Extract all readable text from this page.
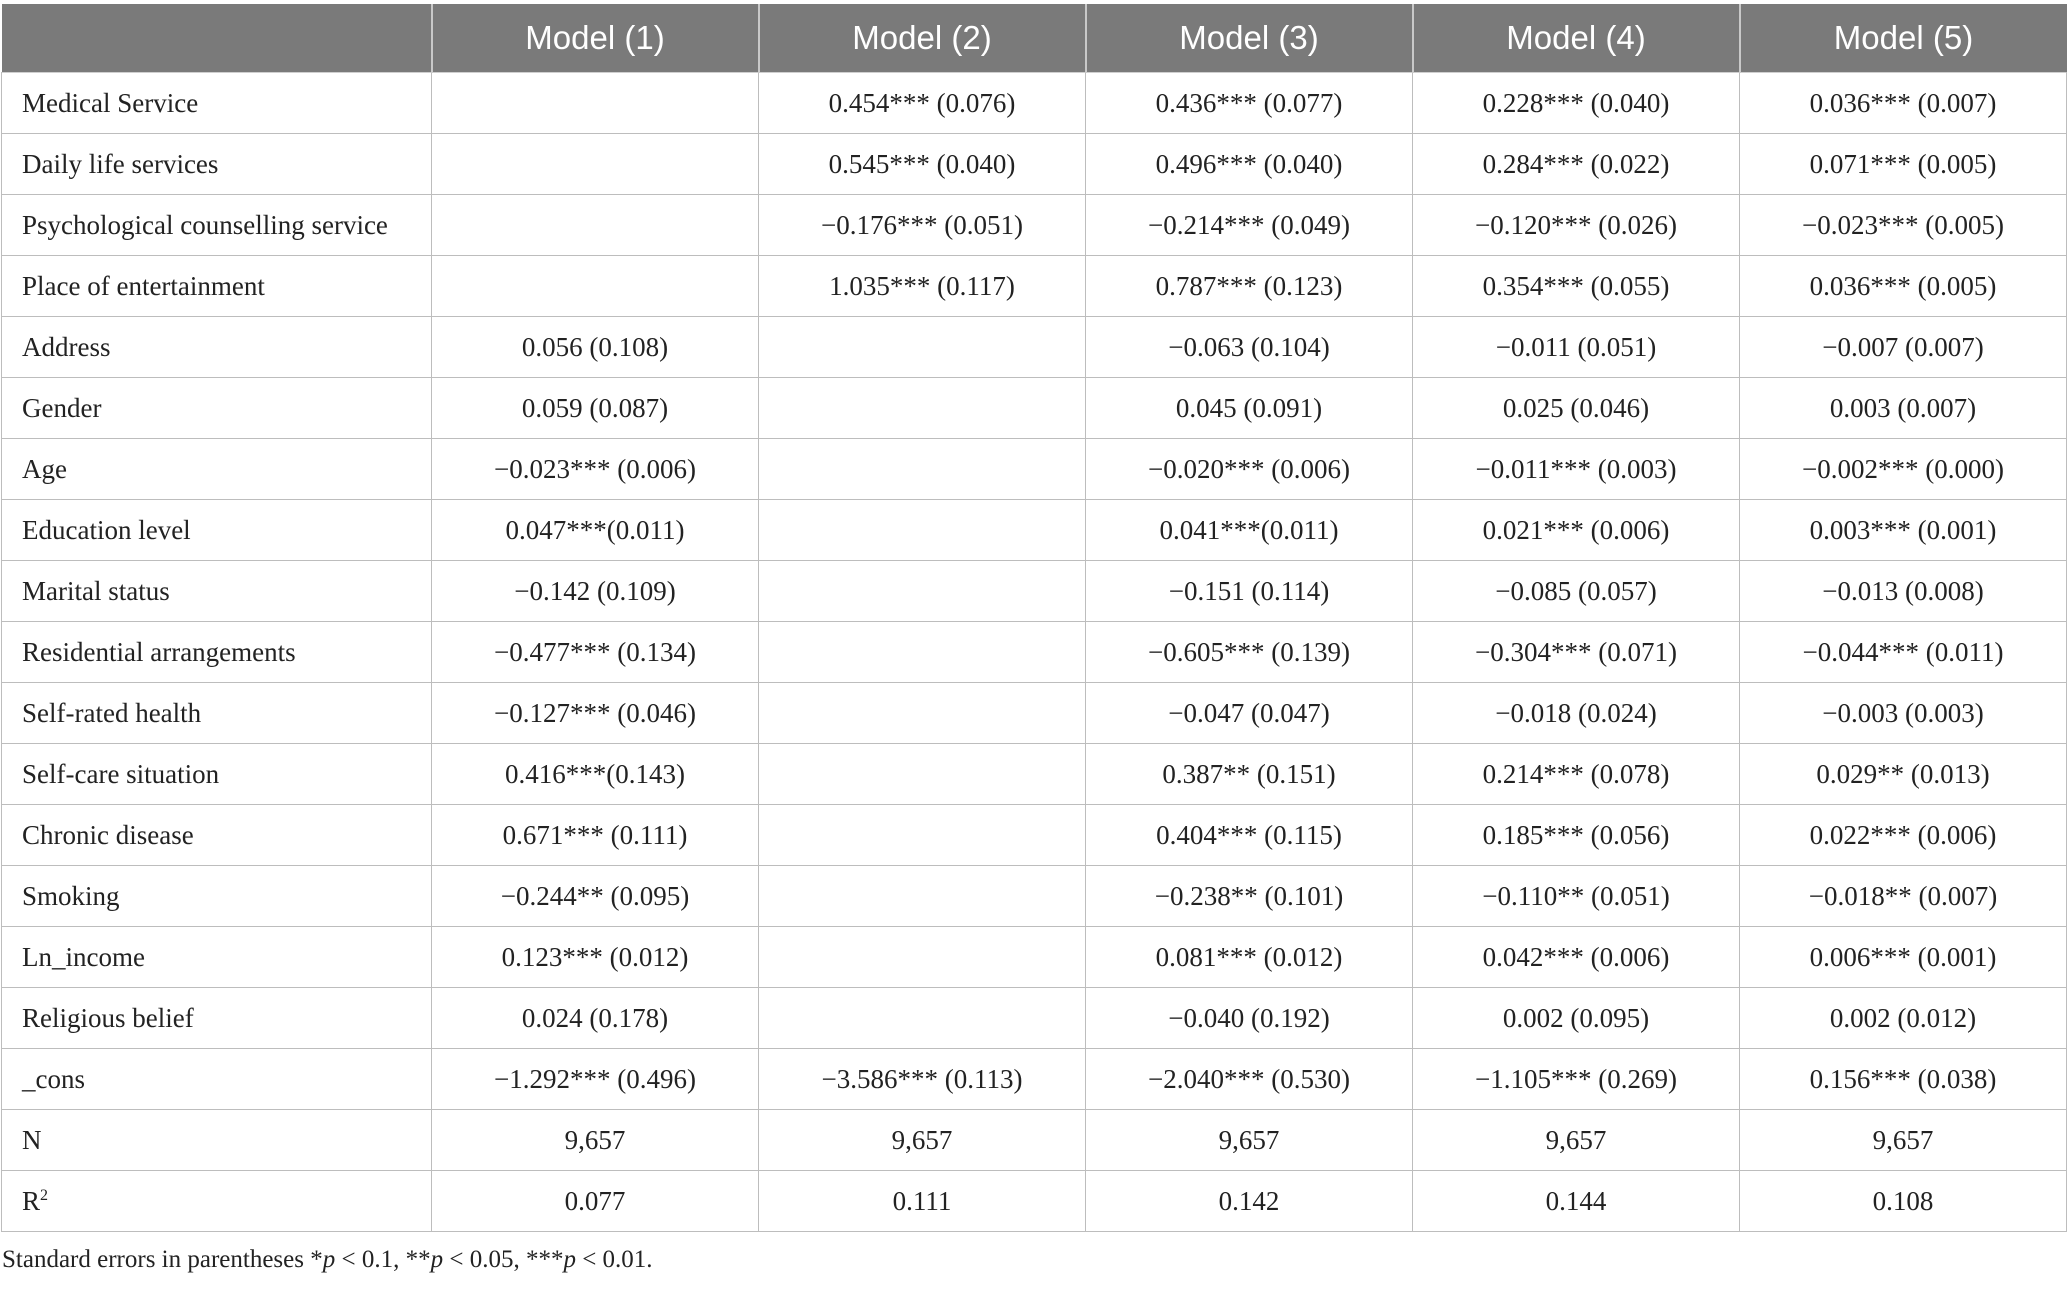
	Model (1)	Model (2)	Model (3)	Model (4)	Model (5)
Medical Service		0.454*** (0.076)	0.436*** (0.077)	0.228*** (0.040)	0.036*** (0.007)
Daily life services		0.545*** (0.040)	0.496*** (0.040)	0.284*** (0.022)	0.071*** (0.005)
Psychological counselling service		−0.176*** (0.051)	−0.214*** (0.049)	−0.120*** (0.026)	−0.023*** (0.005)
Place of entertainment		1.035*** (0.117)	0.787*** (0.123)	0.354*** (0.055)	0.036*** (0.005)
Address	0.056 (0.108)		−0.063 (0.104)	−0.011 (0.051)	−0.007 (0.007)
Gender	0.059 (0.087)		0.045 (0.091)	0.025 (0.046)	0.003 (0.007)
Age	−0.023*** (0.006)		−0.020*** (0.006)	−0.011*** (0.003)	−0.002*** (0.000)
Education level	0.047***(0.011)		0.041***(0.011)	0.021*** (0.006)	0.003*** (0.001)
Marital status	−0.142 (0.109)		−0.151 (0.114)	−0.085 (0.057)	−0.013 (0.008)
Residential arrangements	−0.477*** (0.134)		−0.605*** (0.139)	−0.304*** (0.071)	−0.044*** (0.011)
Self-rated health	−0.127*** (0.046)		−0.047 (0.047)	−0.018 (0.024)	−0.003 (0.003)
Self-care situation	0.416***(0.143)		0.387** (0.151)	0.214*** (0.078)	0.029** (0.013)
Chronic disease	0.671*** (0.111)		0.404*** (0.115)	0.185*** (0.056)	0.022*** (0.006)
Smoking	−0.244** (0.095)		−0.238** (0.101)	−0.110** (0.051)	−0.018** (0.007)
Ln_income	0.123*** (0.012)		0.081*** (0.012)	0.042*** (0.006)	0.006*** (0.001)
Religious belief	0.024 (0.178)		−0.040 (0.192)	0.002 (0.095)	0.002 (0.012)
_cons	−1.292*** (0.496)	−3.586*** (0.113)	−2.040*** (0.530)	−1.105*** (0.269)	0.156*** (0.038)
N	9,657	9,657	9,657	9,657	9,657
$R^2$	0.077	0.111	0.142	0.144	0.108
Standard errors in parentheses *p < 0.1, **p < 0.05, ***p < 0.01.
